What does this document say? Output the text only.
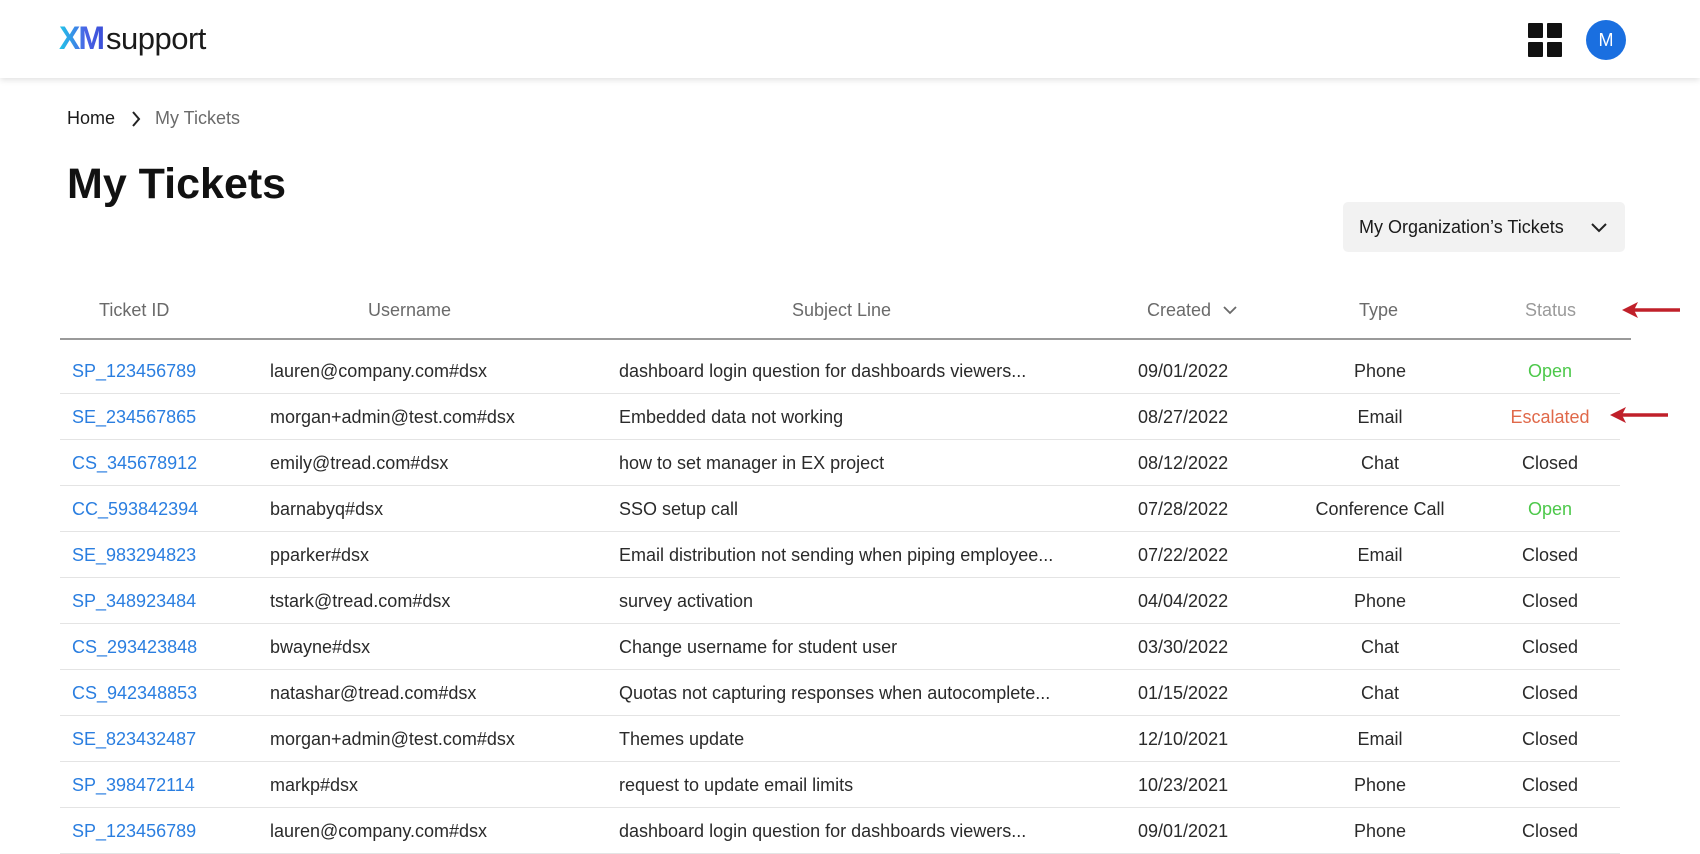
XM support	M
Home My Tickets
My Tickets
My Organization’s Tickets
Ticket ID	Username	Subject Line	Created	Type	Status
SP_123456789	lauren@company.com#dsx	dashboard login question for dashboards viewers...	09/01/2022	Phone	Open
SE_234567865	morgan+admin@test.com#dsx	Embedded data not working	08/27/2022	Email	Escalated
CS_345678912	emily@tread.com#dsx	how to set manager in EX project	08/12/2022	Chat	Closed
CC_593842394	barnabyq#dsx	SSO setup call	07/28/2022	Conference Call	Open
SE_983294823	pparker#dsx	Email distribution not sending when piping employee...	07/22/2022	Email	Closed
SP_348923484	tstark@tread.com#dsx	survey activation	04/04/2022	Phone	Closed
CS_293423848	bwayne#dsx	Change username for student user	03/30/2022	Chat	Closed
CS_942348853	natashar@tread.com#dsx	Quotas not capturing responses when autocomplete...	01/15/2022	Chat	Closed
SE_823432487	morgan+admin@test.com#dsx	Themes update	12/10/2021	Email	Closed
SP_398472114	markp#dsx	request to update email limits	10/23/2021	Phone	Closed
SP_123456789	lauren@company.com#dsx	dashboard login question for dashboards viewers...	09/01/2021	Phone	Closed
